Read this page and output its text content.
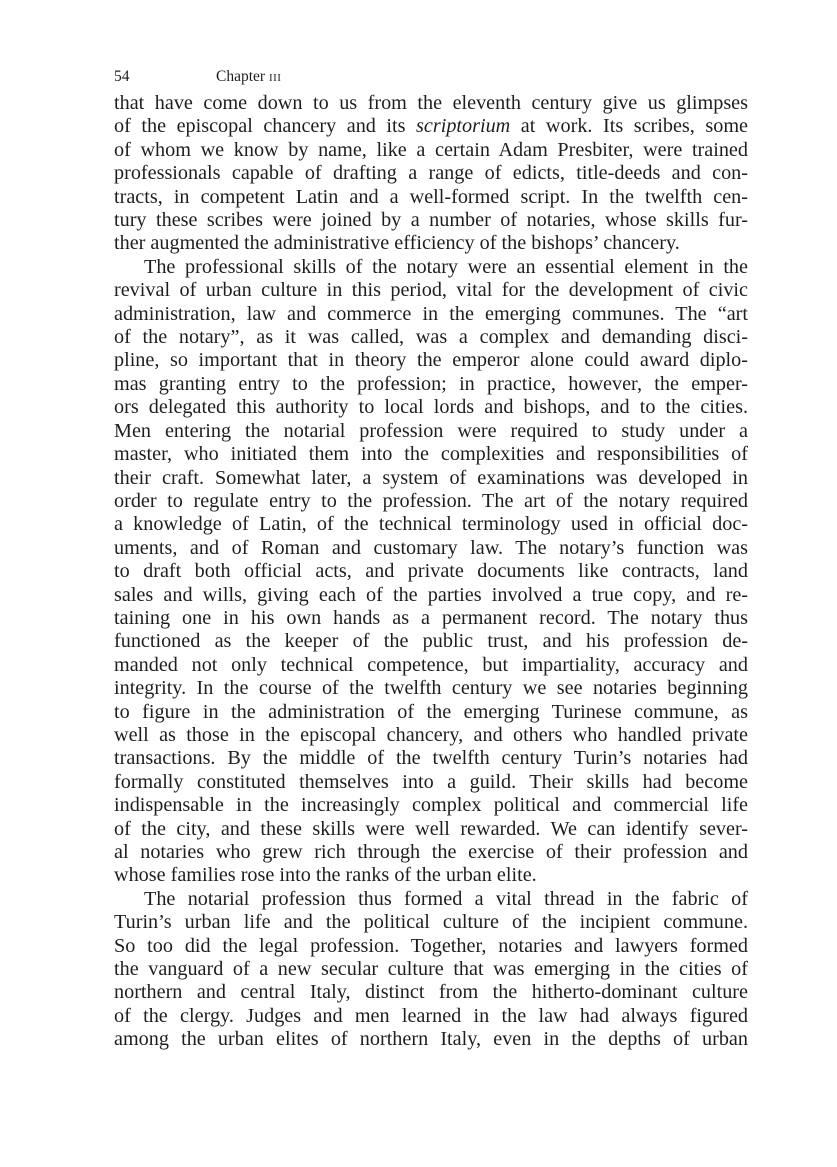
54	Chapter iii

that have come down to us from the eleventh century give us glimpses
of the episcopal chancery and its scriptorium at work. Its scribes, some
of whom we know by name, like a certain Adam Presbiter, were trained
professionals capable of drafting a range of edicts, title-deeds and con-
tracts, in competent Latin and a well-formed script. In the twelfth cen-
tury these scribes were joined by a number of notaries, whose skills fur-
ther augmented the administrative efficiency of the bishops’ chancery.

The professional skills of the notary were an essential element in the
revival of urban culture in this period, vital for the development of civic
administration, law and commerce in the emerging communes. The “art
of the notary”, as it was called, was a complex and demanding disci-
pline, so important that in theory the emperor alone could award diplo-
mas granting entry to the profession; in practice, however, the emper-
ors delegated this authority to local lords and bishops, and to the cities.
Men entering the notarial profession were required to study under a
master, who initiated them into the complexities and responsibilities of
their craft. Somewhat later, a system of examinations was developed in
order to regulate entry to the profession. The art of the notary required
a knowledge of Latin, of the technical terminology used in official doc-
uments, and of Roman and customary law. The notary’s function was
to draft both official acts, and private documents like contracts, land
sales and wills, giving each of the parties involved a true copy, and re-
taining one in his own hands as a permanent record. The notary thus
functioned as the keeper of the public trust, and his profession de-
manded not only technical competence, but impartiality, accuracy and
integrity. In the course of the twelfth century we see notaries beginning
to figure in the administration of the emerging Turinese commune, as
well as those in the episcopal chancery, and others who handled private
transactions. By the middle of the twelfth century Turin’s notaries had
formally constituted themselves into a guild. Their skills had become
indispensable in the increasingly complex political and commercial life
of the city, and these skills were well rewarded. We can identify sever-
al notaries who grew rich through the exercise of their profession and
whose families rose into the ranks of the urban elite.

The notarial profession thus formed a vital thread in the fabric of
Turin’s urban life and the political culture of the incipient commune.
So too did the legal profession. Together, notaries and lawyers formed
the vanguard of a new secular culture that was emerging in the cities of
northern and central Italy, distinct from the hitherto-dominant culture
of the clergy. Judges and men learned in the law had always figured
among the urban elites of northern Italy, even in the depths of urban
